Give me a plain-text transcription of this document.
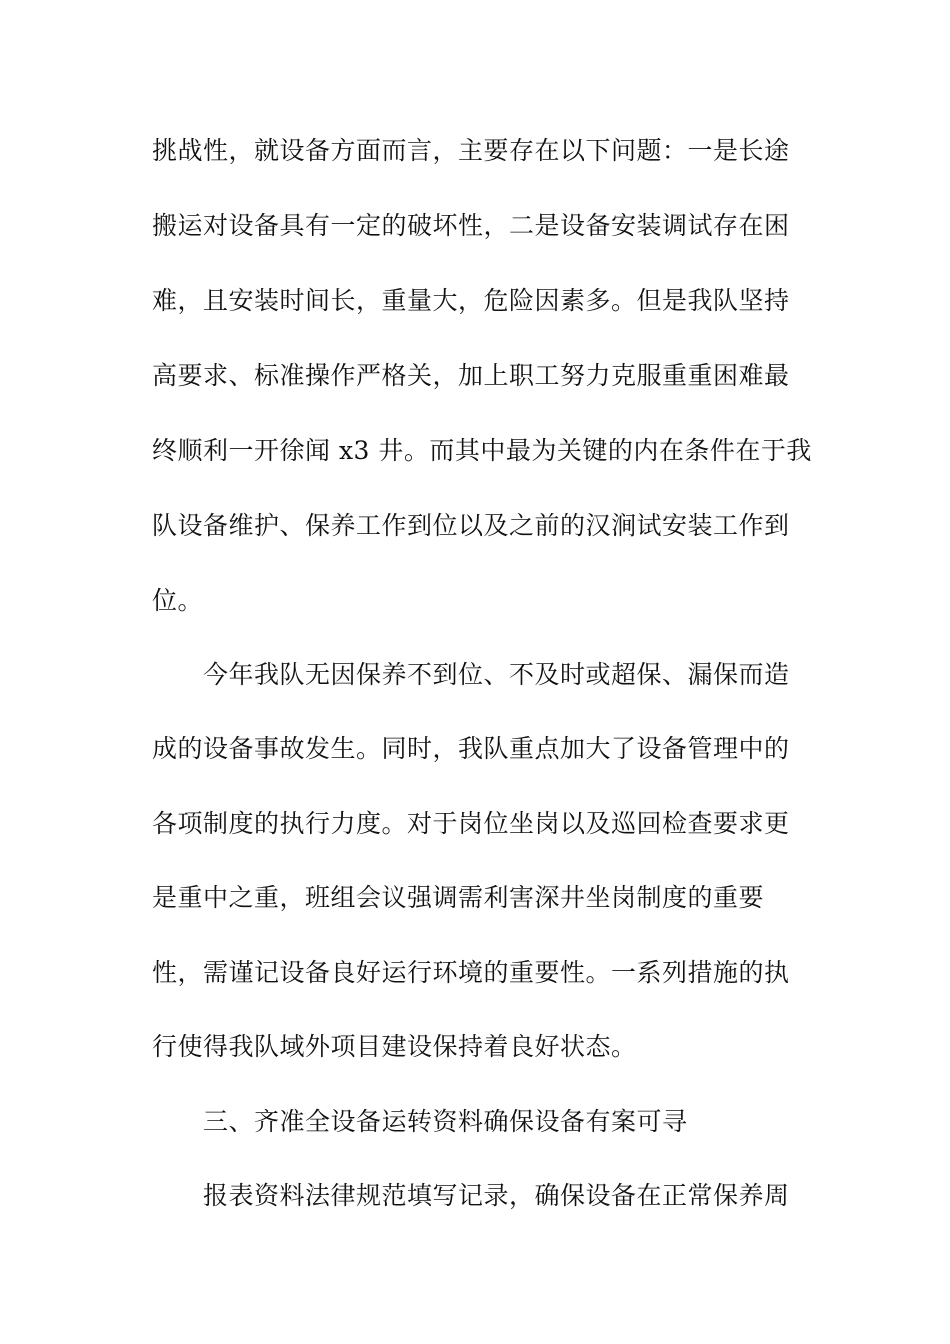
挑战性，就设备方面而言，主要存在以下问题：一是长途
搬运对设备具有一定的破坏性，二是设备安装调试存在困
难，且安装时间长，重量大，危险因素多。但是我队坚持
高要求、标准操作严格关，加上职工努力克服重重困难最
终顺利一开徐闻 x3 井。而其中最为关键的内在条件在于我
队设备维护、保养工作到位以及之前的汉涧试安装工作到
位。
今年我队无因保养不到位、不及时或超保、漏保而造
成的设备事故发生。同时，我队重点加大了设备管理中的
各项制度的执行力度。对于岗位坐岗以及巡回检查要求更
是重中之重，班组会议强调需利害深井坐岗制度的重要
性，需谨记设备良好运行环境的重要性。一系列措施的执
行使得我队域外项目建设保持着良好状态。
三、齐准全设备运转资料确保设备有案可寻
报表资料法律规范填写记录，确保设备在正常保养周
